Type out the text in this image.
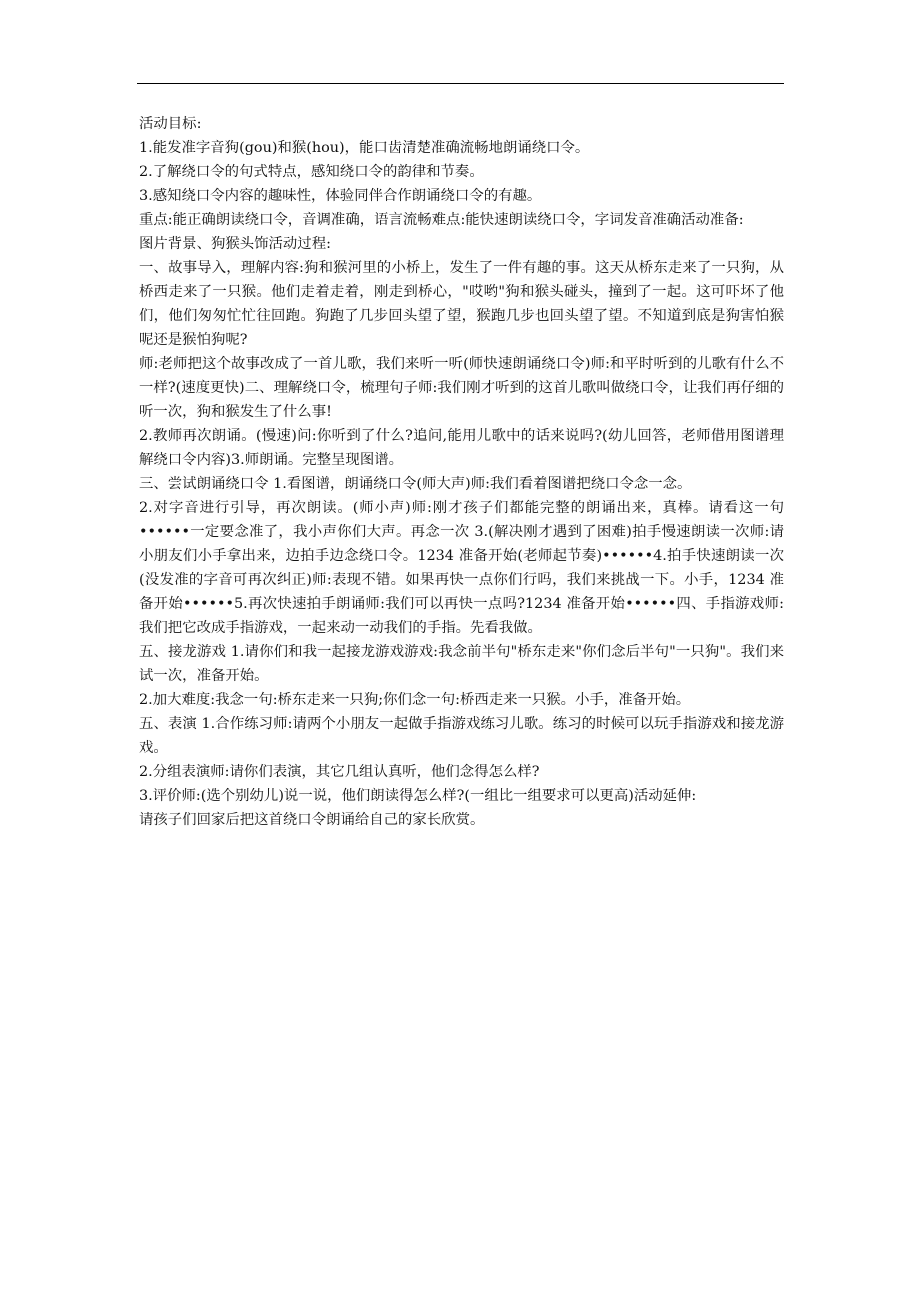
活动目标:

1.能发准字音狗(gou)和猴(hou)，能口齿清楚准确流畅地朗诵绕口令。

2.了解绕口令的句式特点，感知绕口令的韵律和节奏。

3.感知绕口令内容的趣味性，体验同伴合作朗诵绕口令的有趣。

重点:能正确朗读绕口令，音调准确，语言流畅难点:能快速朗读绕口令，字词发音准确活动准备:

图片背景、狗猴头饰活动过程:

一、故事导入，理解内容:狗和猴河里的小桥上，发生了一件有趣的事。这天从桥东走来了一只狗，从桥西走来了一只猴。他们走着走着，刚走到桥心，"哎哟"狗和猴头碰头，撞到了一起。这可吓坏了他们，他们匆匆忙忙往回跑。狗跑了几步回头望了望，猴跑几步也回头望了望。不知道到底是狗害怕猴呢还是猴怕狗呢?

师:老师把这个故事改成了一首儿歌，我们来听一听(师快速朗诵绕口令)师:和平时听到的儿歌有什么不一样?(速度更快)二、理解绕口令，梳理句子师:我们刚才听到的这首儿歌叫做绕口令，让我们再仔细的听一次，狗和猴发生了什么事!

2.教师再次朗诵。(慢速)问:你听到了什么?追问,能用儿歌中的话来说吗?(幼儿回答，老师借用图谱理解绕口令内容)3.师朗诵。完整呈现图谱。

三、尝试朗诵绕口令 1.看图谱，朗诵绕口令(师大声)师:我们看着图谱把绕口令念一念。

2.对字音进行引导，再次朗读。(师小声)师:刚才孩子们都能完整的朗诵出来，真棒。请看这一句••••••一定要念准了，我小声你们大声。再念一次 3.(解决刚才遇到了困难)拍手慢速朗读一次师:请小朋友们小手拿出来，边拍手边念绕口令。1234 准备开始(老师起节奏)••••••4.拍手快速朗读一次(没发准的字音可再次纠正)师:表现不错。如果再快一点你们行吗，我们来挑战一下。小手，1234 准备开始••••••5.再次快速拍手朗诵师:我们可以再快一点吗?1234 准备开始••••••四、手指游戏师:我们把它改成手指游戏，一起来动一动我们的手指。先看我做。

五、接龙游戏 1.请你们和我一起接龙游戏游戏:我念前半句"桥东走来"你们念后半句"一只狗"。我们来试一次，准备开始。

2.加大难度:我念一句:桥东走来一只狗;你们念一句:桥西走来一只猴。小手，准备开始。

五、表演 1.合作练习师:请两个小朋友一起做手指游戏练习儿歌。练习的时候可以玩手指游戏和接龙游戏。

2.分组表演师:请你们表演，其它几组认真听，他们念得怎么样?

3.评价师:(选个别幼儿)说一说，他们朗读得怎么样?(一组比一组要求可以更高)活动延伸:

请孩子们回家后把这首绕口令朗诵给自己的家长欣赏。
